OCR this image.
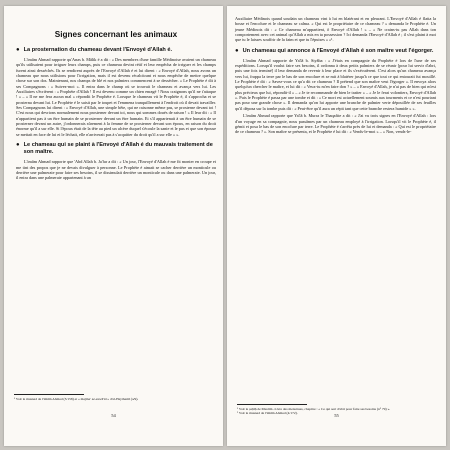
Signes concernant les animaux
● La prosternation du chameau devant l'Envoyé d'Allah é.

L'imâm Ahmad rapporte qu'Anas b. Mâlik é a dit : « Des membres d'une famille Médinoise avaient un chameau qu'ils utilisaient pour irriguer leurs champs, puis ce chameau devint rétif et leur empêcha de irriguer et les champs furent ainsi desséchés. Ils se rendirent auprès de l'Envoyé d'Allah é et lui dirent : « Envoyé d'Allah, nous avons un chameau que nous utilisions pour l'irrigation, mais il est devenu récalcitrant et nous empêche de mettre quelque chose sur son dos. Maintenant, nos champs de blé et nos palmiers commencent à se dessécher. » Le Prophète é dit à ses Compagnons : « Suivez-moi ». Il entra dans le champ où se trouvait le chameau et avança vers lui. Les Auxiliaires s'écrièrent : « Prophète d'Allah ! Il est devenu comme un chien enragé ! Nous craignons qu'il ne t'attaque ! » – « Il ne me fera aucun mal » répondit le Prophète é. Lorsque le chameau vit le Prophète é, il s'approcha et se prosterna devant lui. Le Prophète é le saisit par le toupet et l'emmena tranquillement à l'endroit où il devait travailler. Ses Compagnons lui dirent : « Envoyé d'Allah, une simple bête, qui ne raisonne même pas, se prosterne devant toi ! C'est nous qui devrions normalement nous prosterner devant toi, nous qui sommes doués de raison ! » Il leur dit : « Il n'appartient pas à un être humain de se prosterner devant un être humain. Et s'il appartenait à un être humain de se prosterner devant un autre, j'ordonnerais sûrement à la femme de se prosterner devant son époux, en raison du droit énorme qu'il a sur elle. Si l'époux était de la tête au pied un ulcère duquel s'écoule la sanie et le pus et que son épouse se mettait en face de lui et le léchait, elle n'arriverait pas à s'acquitter du droit qu'il a sur elle » ».

● Le chameau qui se plaint à l'Envoyé d'Allah é du mauvais traitement de son maître.

L'imâm Ahmad rapporte que 'Abd Allah b. Ja'far a dit : « Un jour, l'Envoyé d'Allah é me fit monter en croupe et me tint des propos que je ne devais divulguer à personne. Le Prophète é aimait se cacher derrière un monticule ou derrière une palmeraie pour faire ses besoins, il se dissimulait derrière un monticule ou dans une palmeraie. Un jour, il entra dans une palmeraie appartenant à un

¹ Voir le musnad de l'imâm Ahmad (3/158) et « majma' az-zawâ'id » d'al-Haythamî (a/9).

54

Auxiliaire Médinois quand soudain un chameau vint à lui en blatérant et en pleurant. L'Envoyé d'Allah é flatta la bosse et l'encolure et le chameau se calma. « Qui est le propriétaire de ce chameau ? » demanda le Prophète é. Un jeune Médinois dit : « Ce chameau m'appartient, ô Envoyé d'Allah ! » – « Ne crains-tu pas Allah dans ton comportement avec cet animal qu'Allah a mis en ta possession ? Ici demanda l'Envoyé d'Allah é ; il s'est plaint à moi que tu le laisses souffrir de la faim et que tu l'épuises » »¹.

● Un chameau qui annonce à l'Envoyé d'Allah é son maître veut l'égorger.

L'imâm Ahmad rapporte de Ya'lâ b. Siyâba : « J'étais en compagnie du Prophète é lors de l'une de ses expéditions. Lorsqu'il voulut faire ses besoins, il ordonna à deux petits palmiers de se réunir [pour lui servir d'abri, puis une fois terminé] il leur demanda de revenir à leur place et ils s'exécutèrent. C'est alors qu'un chameau avança vers lui, frappa la terre par le bas de son encolure et se mit à blatérer jusqu'à ce que tout ce qui entourait fut mouillé. Le Prophète é dit : « Savez-vous ce qu'a dit ce chameau ? Il prétend que son maître veut l'égorger ». Il envoya alors quelqu'un chercher le maître, et lui dit : « Veux-tu m'en faire don ? » – « Envoyé d'Allah, je n'ai pas de bien qui m'est plus précieux que lui, répondit-il » – « Je te recommande de bien le traiter » – « Je le ferai volontiers, Envoyé d'Allah ». Puis le Prophète é passa par une tombe et dit : « Ce mort est actuellement soumis aux tourments et ce n'est pourtant pas pour une grande chose ». Il demanda qu'on lui apporte une branche de palmier verte dépouillée de ses feuilles qu'il déposa sur la tombe puis dit : « Peut-être qu'il aura un répit tant que cette branche restera humide » ».

L'imâm Ahmad rapporte que Ya'lâ b. Murra le Thaqafite a dit : « J'ai vu trois signes en l'Envoyé d'Allah : lors d'un voyage en sa compagnie, nous passâmes par un chameau employé à l'irrigation. Lorsqu'il vit le Prophète é, il gémit et posa le bas de son encolure par terre. Le Prophète é s'arrêta près de lui et demanda : « Qui est le propriétaire de ce chameau ? ». Son maître se présenta, et le Prophète é lui dit : « Vends-le-moi » – « Non, vends-le-

¹ Voir le ṣaḥîḥ de Muslim -Livre des menstrues, chapitre : « Ce qui sert d'abri pour faire ses besoins (n° 79) ».

² Voir le musnad de l'imâm Ahmad (4/172).	55
